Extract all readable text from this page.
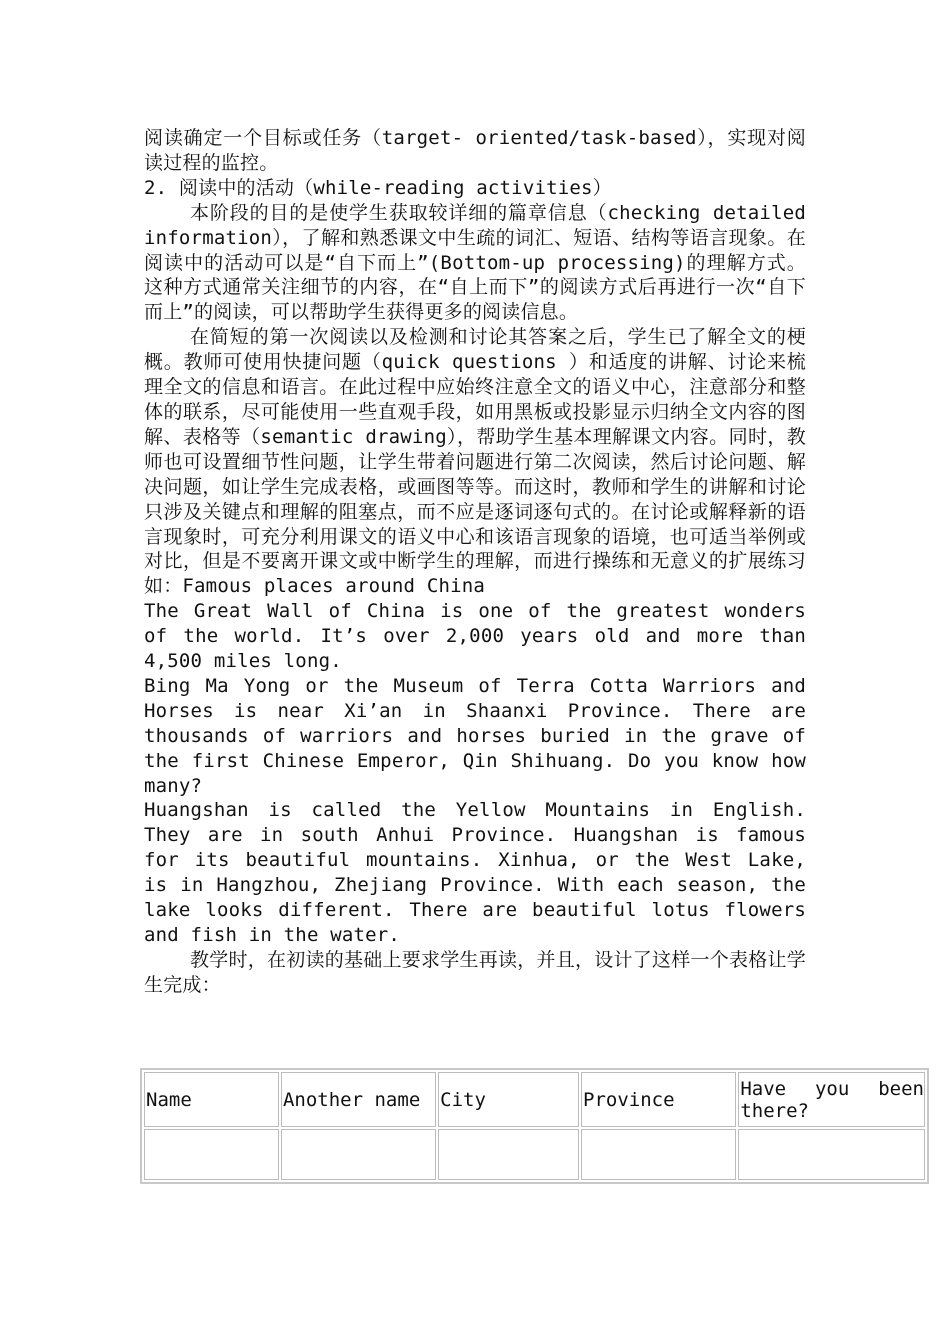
阅读确定一个目标或任务（target- oriented/task-based），实现对阅读过程的监控。

2. 阅读中的活动（while-reading activities）

本阶段的目的是使学生获取较详细的篇章信息（checking detailed information），了解和熟悉课文中生疏的词汇、短语、结构等语言现象。在阅读中的活动可以是“自下而上”(Bottom-up processing)的理解方式。这种方式通常关注细节的内容，在“自上而下”的阅读方式后再进行一次“自下而上”的阅读，可以帮助学生获得更多的阅读信息。

在简短的第一次阅读以及检测和讨论其答案之后，学生已了解全文的梗概。教师可使用快捷问题（quick questions ）和适度的讲解、讨论来梳理全文的信息和语言。在此过程中应始终注意全文的语义中心，注意部分和整体的联系，尽可能使用一些直观手段，如用黑板或投影显示归纳全文内容的图解、表格等（semantic drawing），帮助学生基本理解课文内容。同时，教师也可设置细节性问题，让学生带着问题进行第二次阅读，然后讨论问题、解决问题，如让学生完成表格，或画图等等。而这时，教师和学生的讲解和讨论只涉及关键点和理解的阻塞点，而不应是逐词逐句式的。在讨论或解释新的语言现象时，可充分利用课文的语义中心和该语言现象的语境，也可适当举例或对比，但是不要离开课文或中断学生的理解，而进行操练和无意义的扩展练习如：Famous places around China

The Great Wall of China is one of the greatest wonders of the world. It’s over 2,000 years old and more than 4,500 miles long.

Bing Ma Yong or the Museum of Terra Cotta Warriors and Horses is near Xi’an in Shaanxi Province. There are thousands of warriors and horses buried in the grave of the first Chinese Emperor, Qin Shihuang. Do you know how many?

Huangshan is called the Yellow Mountains in English. They are in south Anhui Province. Huangshan is famous for its beautiful mountains. Xinhua, or the West Lake, is in Hangzhou, Zhejiang Province. With each season, the lake looks different. There are beautiful lotus flowers and fish in the water.

教学时，在初读的基础上要求学生再读，并且，设计了这样一个表格让学生完成：

Name	Another name	City	Province	Have you been there?
